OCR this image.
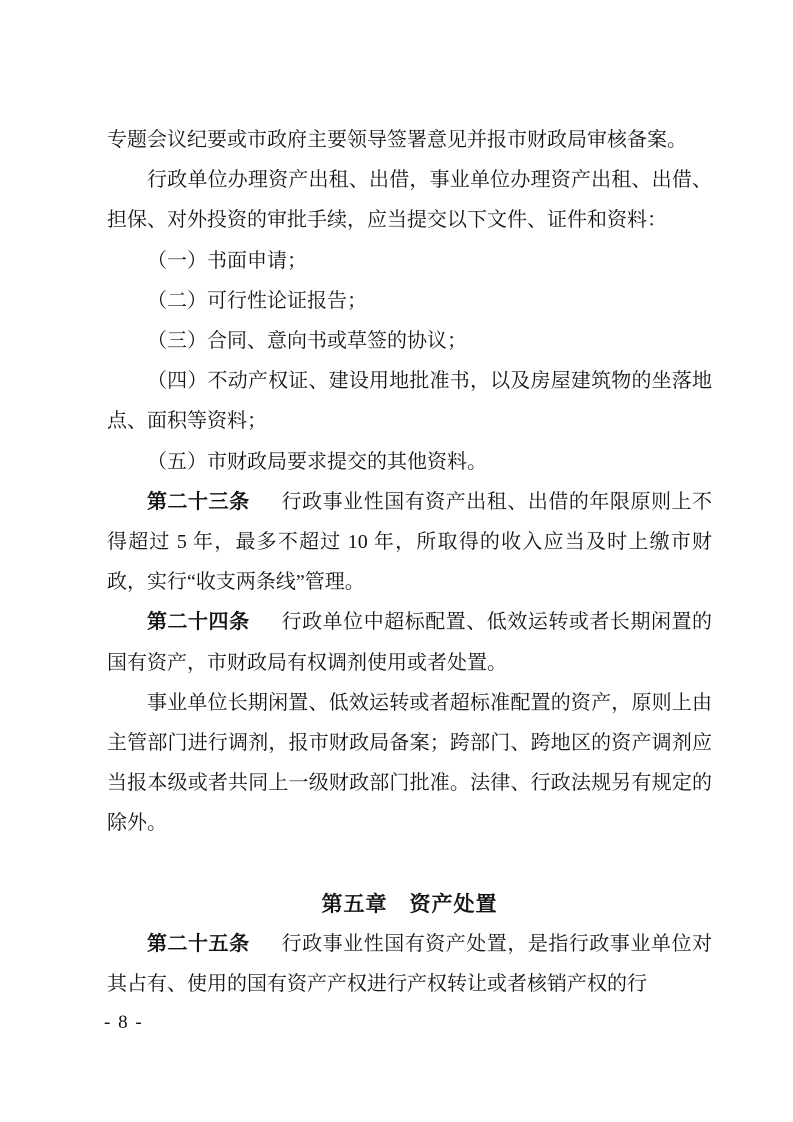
专题会议纪要或市政府主要领导签署意见并报市财政局审核备案。

行政单位办理资产出租、出借，事业单位办理资产出租、出借、担保、对外投资的审批手续，应当提交以下文件、证件和资料：

（一）书面申请；

（二）可行性论证报告；

（三）合同、意向书或草签的协议；

（四）不动产权证、建设用地批准书，以及房屋建筑物的坐落地点、面积等资料；

（五）市财政局要求提交的其他资料。

第二十三条 行政事业性国有资产出租、出借的年限原则上不得超过 5 年，最多不超过 10 年，所取得的收入应当及时上缴市财政，实行“收支两条线”管理。

第二十四条 行政单位中超标配置、低效运转或者长期闲置的国有资产，市财政局有权调剂使用或者处置。

事业单位长期闲置、低效运转或者超标准配置的资产，原则上由主管部门进行调剂，报市财政局备案；跨部门、跨地区的资产调剂应当报本级或者共同上一级财政部门批准。法律、行政法规另有规定的除外。

第五章　资产处置

第二十五条 行政事业性国有资产处置，是指行政事业单位对其占有、使用的国有资产产权进行产权转让或者核销产权的行

- 8 -
